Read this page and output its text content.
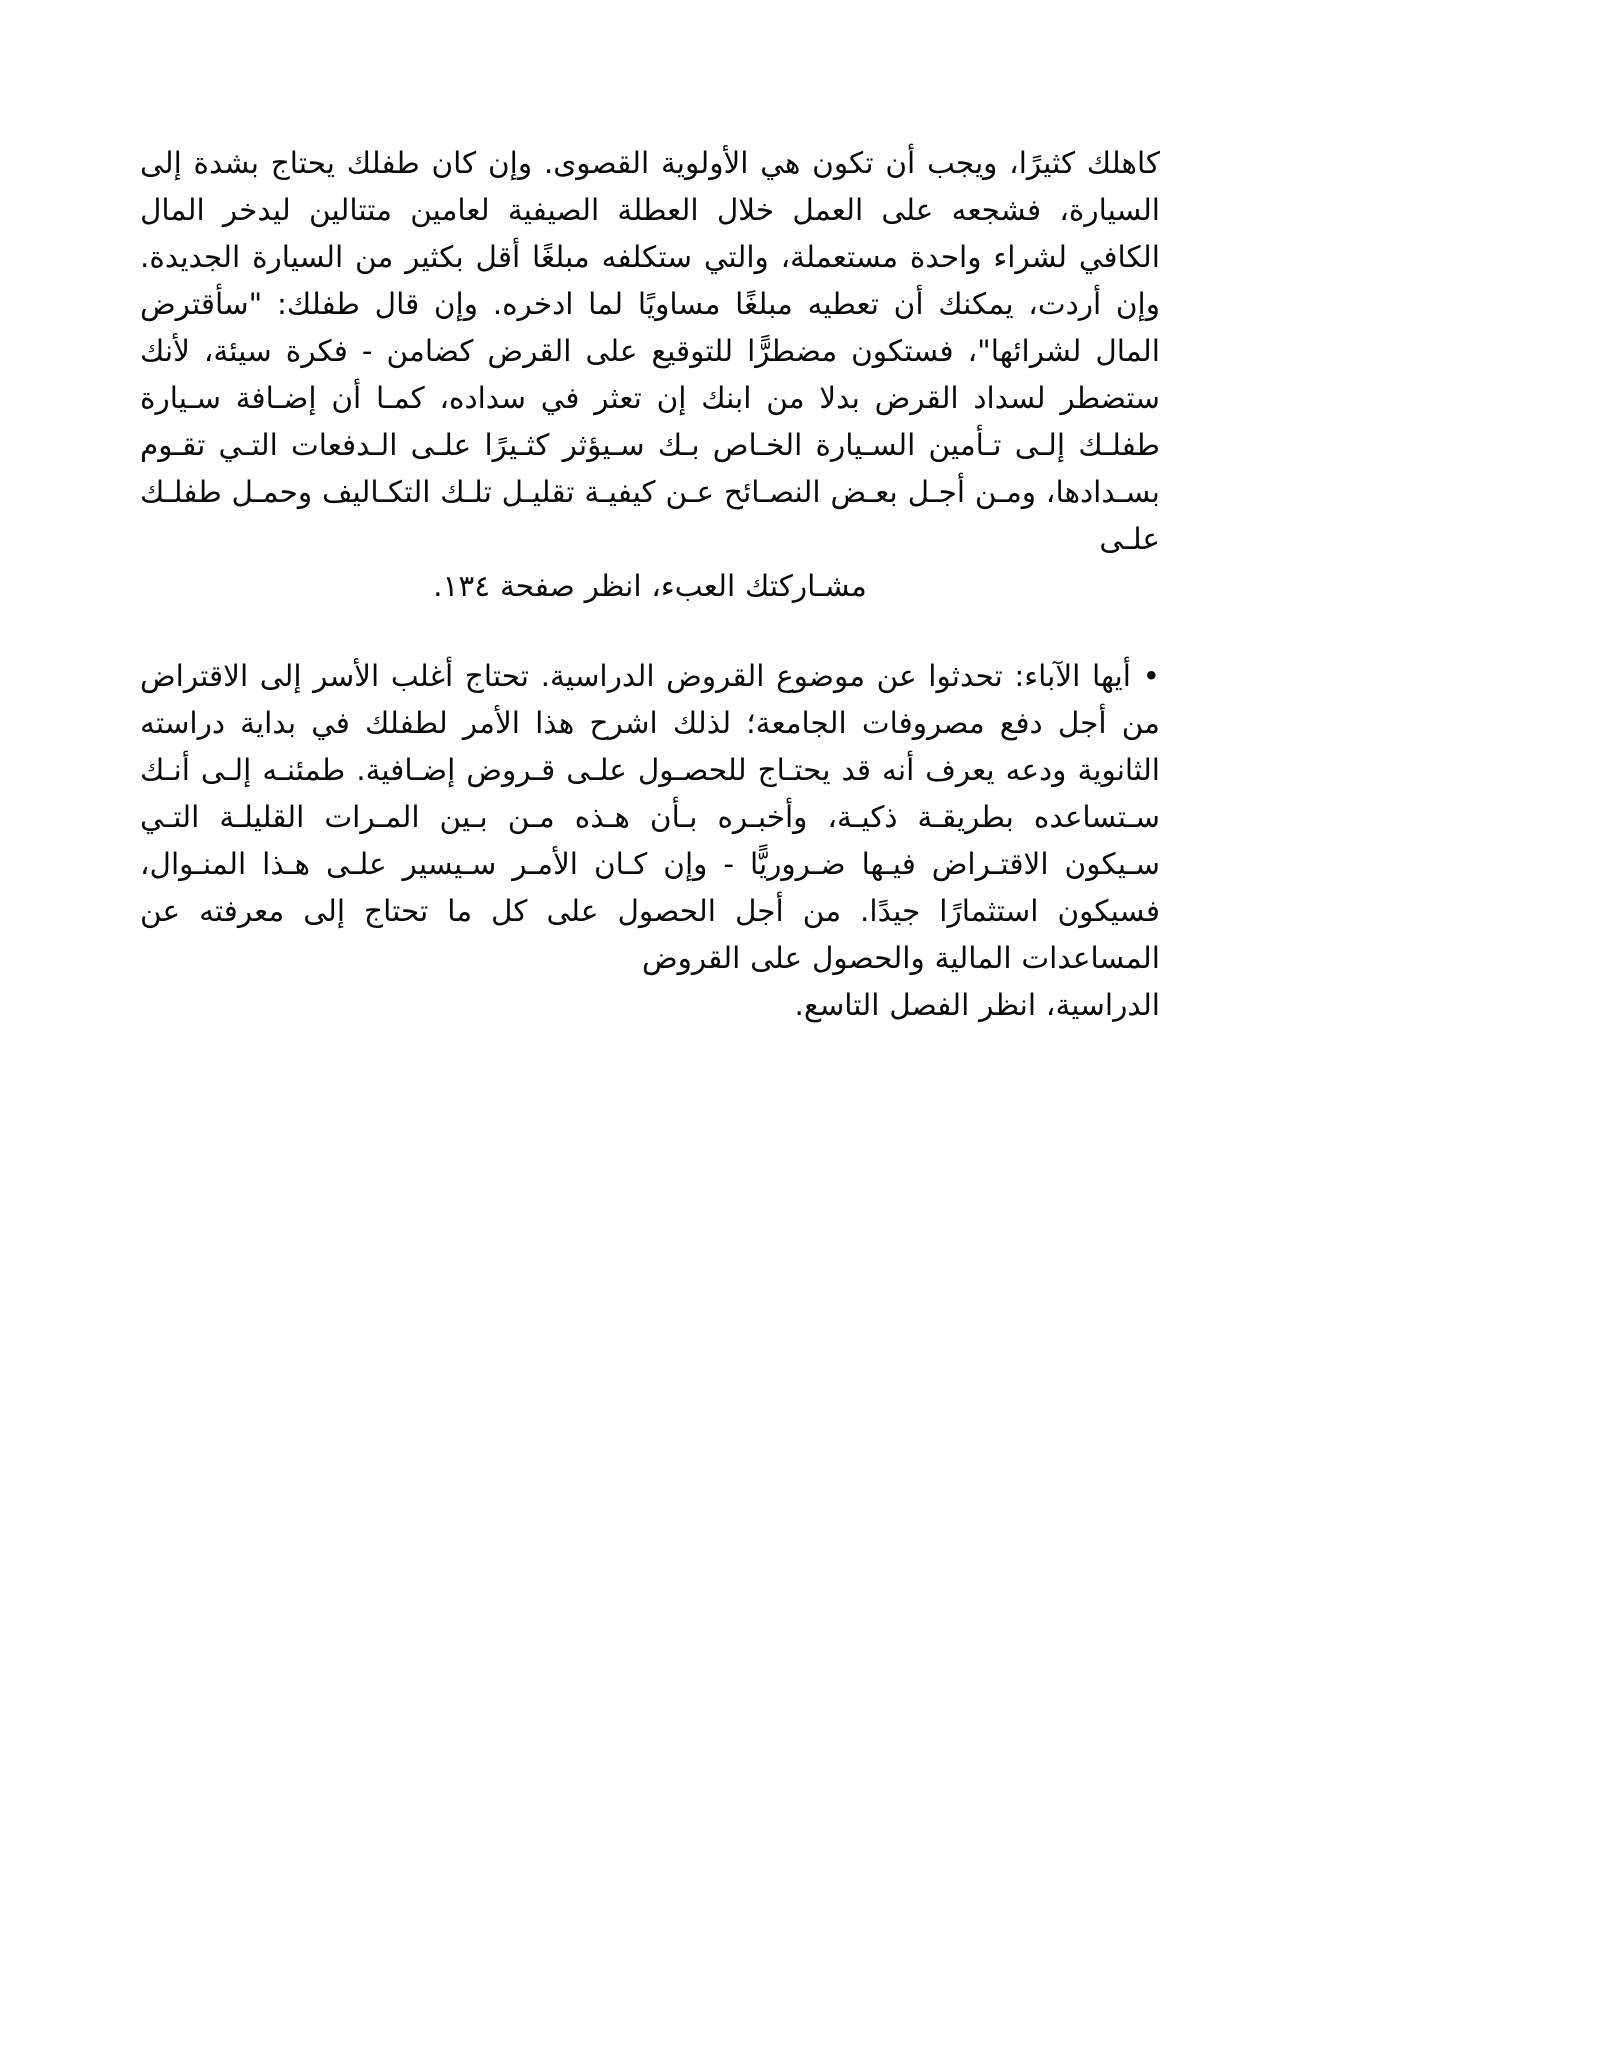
كاهلك كثيرًا، ويجب أن تكون هي الأولوية القصوى. وإن كان طفلك يحتاج بشدة إلى السيارة، فشجعه على العمل خلال العطلة الصيفية لعامين متتالين ليدخر المال الكافي لشراء واحدة مستعملة، والتي ستكلفه مبلغًا أقل بكثير من السيارة الجديدة. وإن أردت، يمكنك أن تعطيه مبلغًا مساويًا لما ادخره. وإن قال طفلك: "سأقترض المال لشرائها"، فستكون مضطرًّا للتوقيع على القرض كضامن - فكرة سيئة، لأنك ستضطر لسداد القرض بدلا من ابنك إن تعثر في سداده، كمـا أن إضـافة سـيارة طفلـك إلـى تـأمين السـيارة الخـاص بـك سـيؤثر كثـيرًا علـى الـدفعات التـي تقـوم بسـدادها، ومـن أجـل بعـض النصـائح عـن كيفيـة تقليـل تلـك التكـاليف وحمـل طفلـك علـى
مشـاركتك العبء، انظر صفحة ١٣٤.

• أيها الآباء: تحدثوا عن موضوع القروض الدراسية. تحتاج أغلب الأسر إلى الاقتراض من أجل دفع مصروفات الجامعة؛ لذلك اشرح هذا الأمر لطفلك في بداية دراسته الثانوية ودعه يعرف أنه قد يحتـاج للحصـول علـى قـروض إضـافية. طمئنـه إلـى أنـك سـتساعده بطريقـة ذكيـة، وأخبـره بـأن هـذه مـن بـين المـرات القليلـة التـي سـيكون الاقتـراض فيـها ضـروريًّا - وإن كـان الأمـر سـيسير علـى هـذا المنـوال، فسيكون استثمارًا جيدًا. من أجل الحصول على كل ما تحتاج إلى معرفته عن المساعدات المالية والحصول على القروض
الدراسية، انظر الفصل التاسع.
